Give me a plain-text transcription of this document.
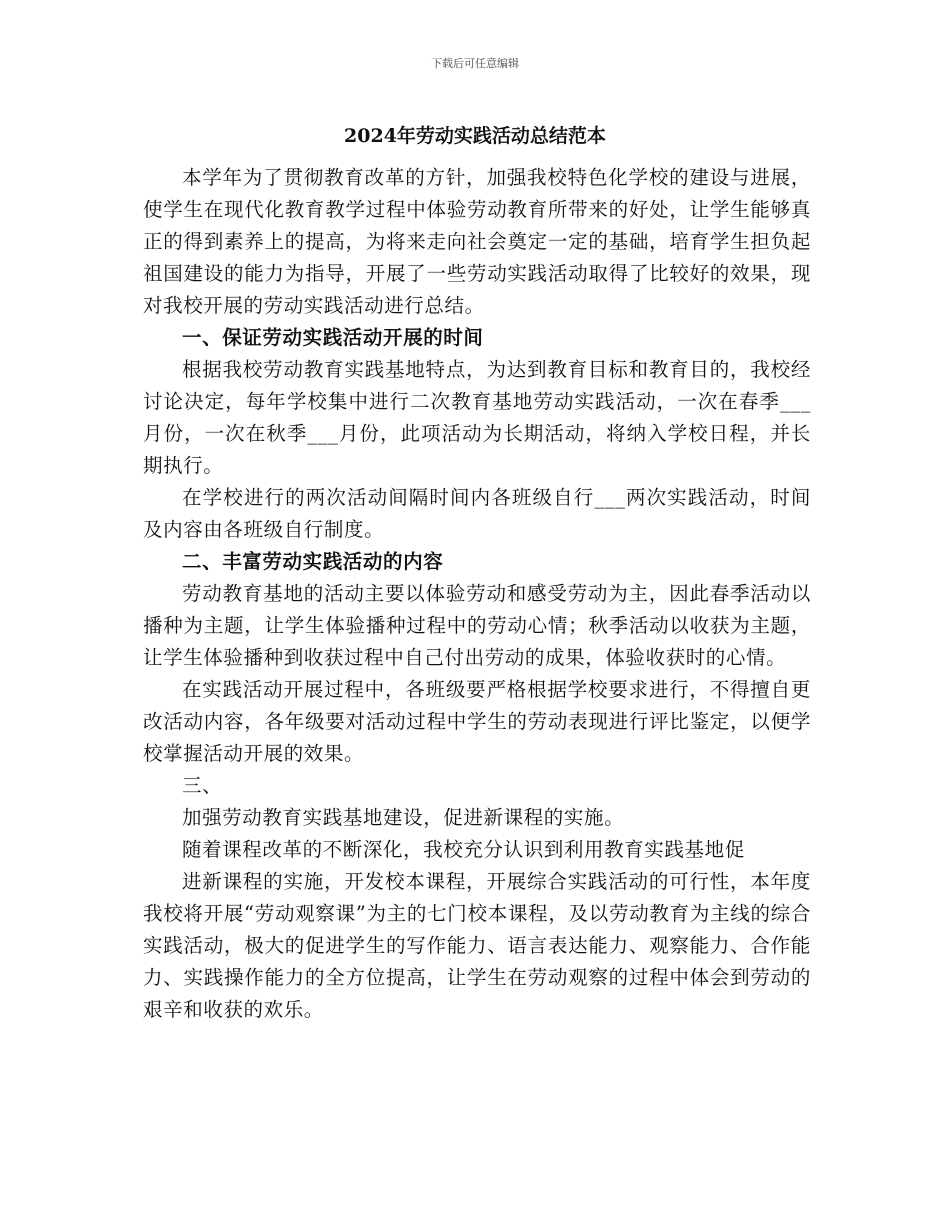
下载后可任意编辑
2024年劳动实践活动总结范本

本学年为了贯彻教育改革的方针，加强我校特色化学校的建设与进展，使学生在现代化教育教学过程中体验劳动教育所带来的好处，让学生能够真正的得到素养上的提高，为将来走向社会奠定一定的基础，培育学生担负起祖国建设的能力为指导，开展了一些劳动实践活动取得了比较好的效果，现对我校开展的劳动实践活动进行总结。

一、保证劳动实践活动开展的时间

根据我校劳动教育实践基地特点，为达到教育目标和教育目的，我校经讨论决定，每年学校集中进行二次教育基地劳动实践活动，一次在春季___月份，一次在秋季___月份，此项活动为长期活动，将纳入学校日程，并长期执行。

在学校进行的两次活动间隔时间内各班级自行___两次实践活动，时间及内容由各班级自行制度。

二、丰富劳动实践活动的内容

劳动教育基地的活动主要以体验劳动和感受劳动为主，因此春季活动以播种为主题，让学生体验播种过程中的劳动心情；秋季活动以收获为主题，让学生体验播种到收获过程中自己付出劳动的成果，体验收获时的心情。

在实践活动开展过程中，各班级要严格根据学校要求进行，不得擅自更改活动内容，各年级要对活动过程中学生的劳动表现进行评比鉴定，以便学校掌握活动开展的效果。

三、

加强劳动教育实践基地建设，促进新课程的实施。

随着课程改革的不断深化，我校充分认识到利用教育实践基地促

进新课程的实施，开发校本课程，开展综合实践活动的可行性，本年度我校将开展“劳动观察课”为主的七门校本课程，及以劳动教育为主线的综合实践活动，极大的促进学生的写作能力、语言表达能力、观察能力、合作能力、实践操作能力的全方位提高，让学生在劳动观察的过程中体会到劳动的艰辛和收获的欢乐。
